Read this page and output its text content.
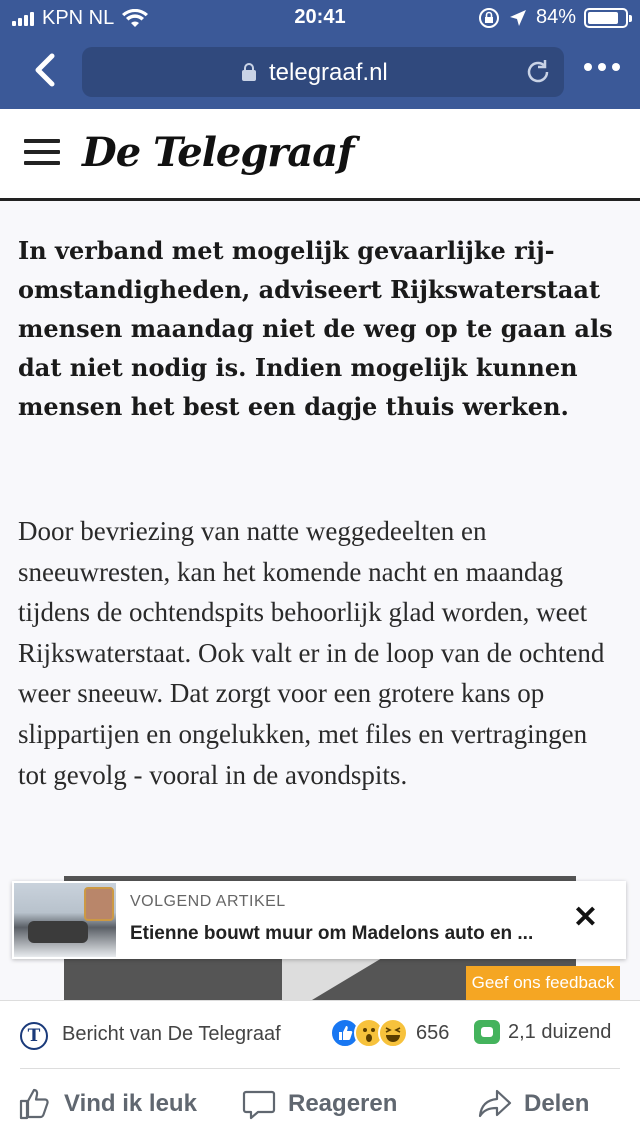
KPN NL	20:41	84%
telegraaf.nl
De Telegraaf

In verband met mogelijk gevaarlijke rij-omstandigheden, adviseert Rijkswaterstaat mensen maandag niet de weg op te gaan als dat niet nodig is. Indien mogelijk kunnen mensen het best een dagje thuis werken.

Door bevriezing van natte weggedeelten en sneeuwresten, kan het komende nacht en maandag tijdens de ochtendspits behoorlijk glad worden, weet Rijkswaterstaat. Ook valt er in de loop van de ochtend weer sneeuw. Dat zorgt voor een grotere kans op slippartijen en ongelukken, met files en vertragingen tot gevolg - vooral in de avondspits.

VOLGEND ARTIKEL
Etienne bouwt muur om Madelons auto en ... ✕
Geef ons feedback
T	Bericht van De Telegraaf	656	2,1 duizend
Vind ik leuk	Reageren	Delen
